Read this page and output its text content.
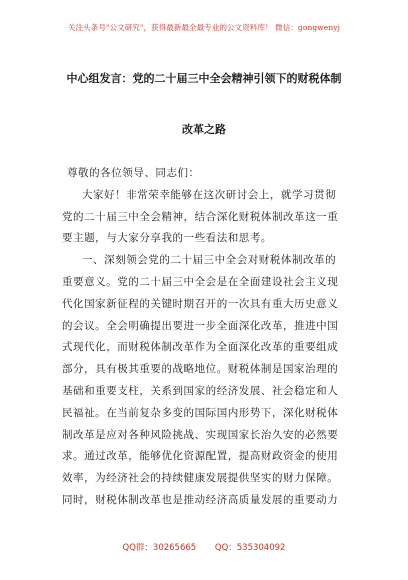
关注头条号"公文研究"，获得最新最全最专业的公文资料库！ 微信：gongwenyj
中心组发言：党的二十届三中全会精神引领下的财税体制
改革之路
尊敬的各位领导、同志们：
大家好！非常荣幸能够在这次研讨会上，就学习贯彻
党的二十届三中全会精神，结合深化财税体制改革这一重
要主题，与大家分享我的一些看法和思考。
一、深刻领会党的二十届三中全会对财税体制改革的
重要意义。党的二十届三中全会是在全面建设社会主义现
代化国家新征程的关键时期召开的一次具有重大历史意义
的会议。全会明确提出要进一步全面深化改革，推进中国
式现代化，而财税体制改革作为全面深化改革的重要组成
部分，具有极其重要的战略地位。财税体制是国家治理的
基础和重要支柱，关系到国家的经济发展、社会稳定和人
民福祉。在当前复杂多变的国际国内形势下，深化财税体
制改革是应对各种风险挑战、实现国家长治久安的必然要
求。通过改革，能够优化资源配置，提高财政资金的使用
效率，为经济社会的持续健康发展提供坚实的财力保障。
同时，财税体制改革也是推动经济高质量发展的重要动力
QQ群：30265665 QQ：535304092
